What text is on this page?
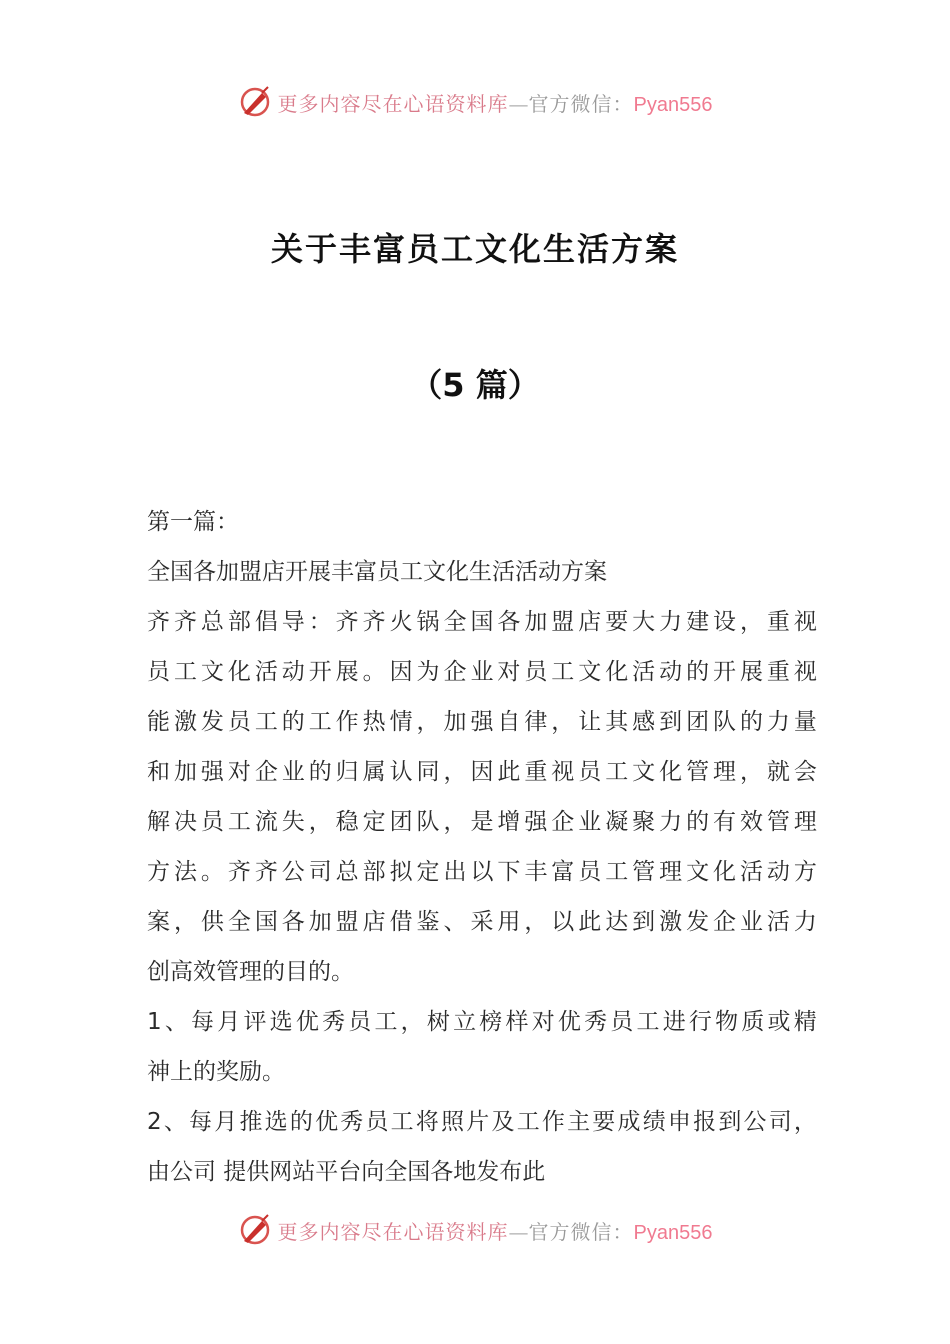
更多内容尽在心语资料库—官方微信：Pyan556
关于丰富员工文化生活方案
（5 篇）
第一篇：
全国各加盟店开展丰富员工文化生活活动方案
齐 齐 总 部 倡 导 ： 齐 齐 火 锅 全 国 各 加 盟 店 要 大 力 建 设 ， 重 视
员 工 文 化 活 动 开 展 。 因 为 企 业 对 员 工 文 化 活 动 的 开 展 重 视
能 激 发 员 工 的 工 作 热 情 ， 加 强 自 律 ， 让 其 感 到 团 队 的 力 量
和 加 强 对 企 业 的 归 属 认 同 ， 因 此 重 视 员 工 文 化 管 理 ， 就 会
解 决 员 工 流 失 ， 稳 定 团 队 ， 是 增 强 企 业 凝 聚 力 的 有 效 管 理
方 法 。 齐 齐 公 司 总 部 拟 定 出 以 下 丰 富 员 工 管 理 文 化 活 动 方
案 ， 供 全 国 各 加 盟 店 借 鉴 、 采 用 ， 以 此 达 到 激 发 企 业 活 力
创高效管理的目的。
1 、 每 月 评 选 优 秀 员 工 ， 树 立 榜 样 对 优 秀 员 工 进 行 物 质 或 精
神上的奖励。
2 、 每 月 推 选 的 优 秀 员 工 将 照 片 及 工 作 主 要 成 绩 申 报 到 公 司 ，
由公司 提供网站平台向全国各地发布此
更多内容尽在心语资料库—官方微信：Pyan556
